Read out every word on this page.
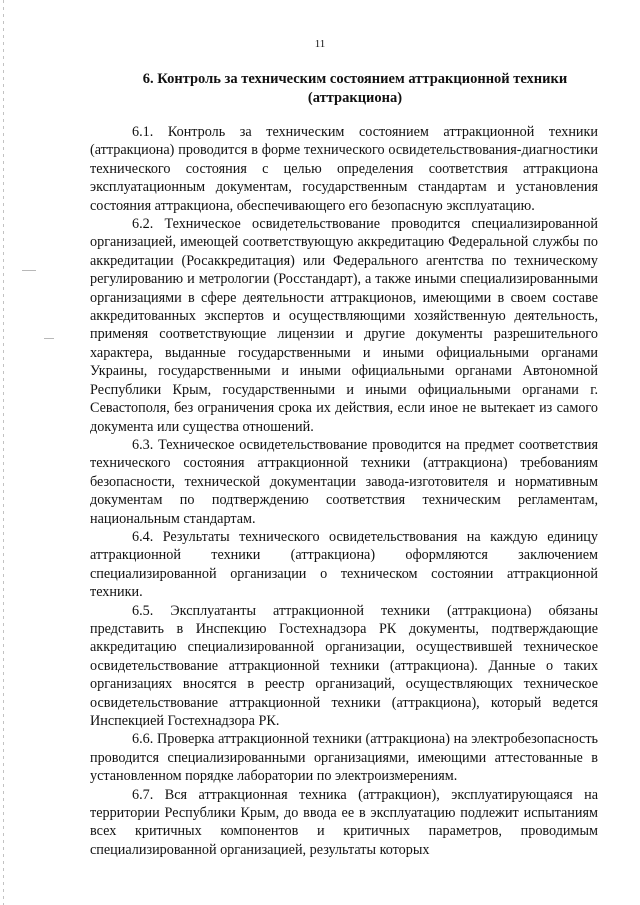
11
6. Контроль за техническим состоянием аттракционной техники
(аттракциона)

6.1. Контроль за техническим состоянием аттракционной техники (аттракциона) проводится в форме технического освидетельствования-диагностики технического состояния с целью определения соответствия аттракциона эксплуатационным документам, государственным стандартам и установления состояния аттракциона, обеспечивающего его безопасную эксплуатацию.

6.2. Техническое освидетельствование проводится специализированной организацией, имеющей соответствующую аккредитацию Федеральной службы по аккредитации (Росаккредитация) или Федерального агентства по техническому регулированию и метрологии (Росстандарт), а также иными специализированными организациями в сфере деятельности аттракционов, имеющими в своем составе аккредитованных экспертов и осуществляющими хозяйственную деятельность, применяя соответствующие лицензии и другие документы разрешительного характера, выданные государственными и иными официальными органами Украины, государственными и иными официальными органами Автономной Республики Крым, государственными и иными официальными органами г. Севастополя, без ограничения срока их действия, если иное не вытекает из самого документа или существа отношений.

6.3. Техническое освидетельствование проводится на предмет соответствия технического состояния аттракционной техники (аттракциона) требованиям безопасности, технической документации завода-изготовителя и нормативным документам по подтверждению соответствия техническим регламентам, национальным стандартам.

6.4. Результаты технического освидетельствования на каждую единицу аттракционной техники (аттракциона) оформляются заключением специализированной организации о техническом состоянии аттракционной техники.

6.5. Эксплуатанты аттракционной техники (аттракциона) обязаны представить в Инспекцию Гостехнадзора РК документы, подтверждающие аккредитацию специализированной организации, осуществившей техническое освидетельствование аттракционной техники (аттракциона). Данные о таких организациях вносятся в реестр организаций, осуществляющих техническое освидетельствование аттракционной техники (аттракциона), который ведется Инспекцией Гостехнадзора РК.

6.6. Проверка аттракционной техники (аттракциона) на электробезопасность проводится специализированными организациями, имеющими аттестованные в установленном порядке лаборатории по электроизмерениям.

6.7. Вся аттракционная техника (аттракцион), эксплуатирующаяся на территории Республики Крым, до ввода ее в эксплуатацию подлежит испытаниям всех критичных компонентов и критичных параметров, проводимым специализированной организацией, результаты которых
